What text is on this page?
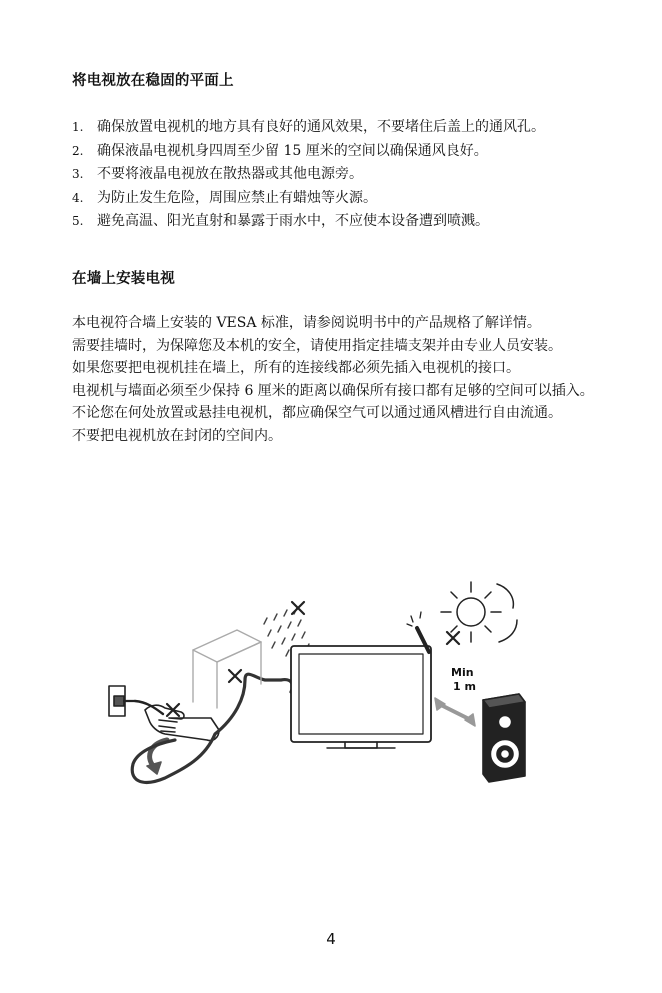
将电视放在稳固的平面上
1. 确保放置电视机的地方具有良好的通风效果，不要堵住后盖上的通风孔。
2. 确保液晶电视机身四周至少留 15 厘米的空间以确保通风良好。
3. 不要将液晶电视放在散热器或其他电源旁。
4. 为防止发生危险，周围应禁止有蜡烛等火源。
5. 避免高温、阳光直射和暴露于雨水中，不应使本设备遭到喷溅。
在墙上安装电视

本电视符合墙上安装的 VESA 标准，请参阅说明书中的产品规格了解详情。

需要挂墙时，为保障您及本机的安全，请使用指定挂墙支架并由专业人员安装。

如果您要把电视机挂在墙上，所有的连接线都必须先插入电视机的接口。

电视机与墙面必须至少保持 6 厘米的距离以确保所有接口都有足够的空间可以插入。

不论您在何处放置或悬挂电视机，都应确保空气可以通过通风槽进行自由流通。

不要把电视机放在封闭的空间内。

Min
1 m
4
